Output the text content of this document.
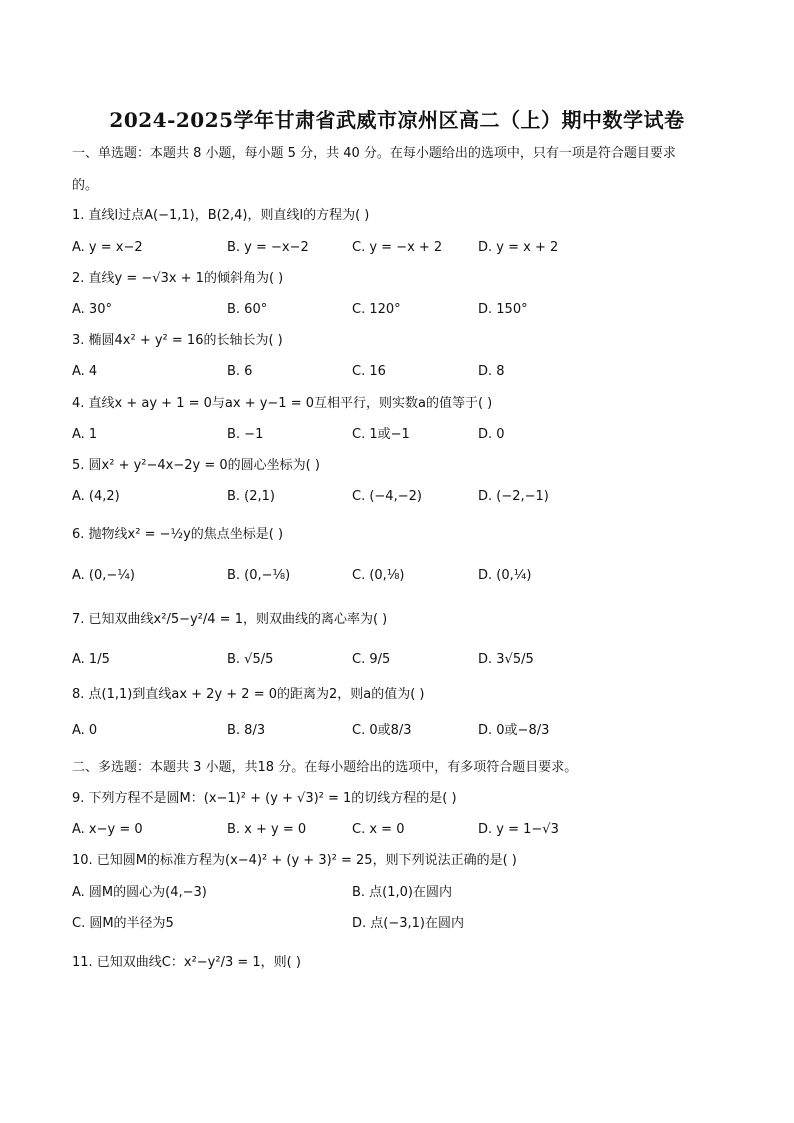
2024-2025学年甘肃省武威市凉州区高二（上）期中数学试卷
一、单选题：本题共 8 小题，每小题 5 分，共 40 分。在每小题给出的选项中，只有一项是符合题目要求
的。
1. 直线l过点A(−1,1)，B(2,4)，则直线l的方程为( )
A. y = x−2	B. y = −x−2	C. y = −x + 2	D. y = x + 2
2. 直线y = −√3x + 1的倾斜角为( )
A. 30°	B. 60°	C. 120°	D. 150°
3. 椭圆4x² + y² = 16的长轴长为( )
A. 4	B. 6	C. 16	D. 8
4. 直线x + ay + 1 = 0与ax + y−1 = 0互相平行，则实数a的值等于( )
A. 1	B. −1	C. 1或−1	D. 0
5. 圆x² + y²−4x−2y = 0的圆心坐标为( )
A. (4,2)	B. (2,1)	C. (−4,−2)	D. (−2,−1)
6. 抛物线x² = −½y的焦点坐标是( )
A. (0,−¼)	B. (0,−⅛)	C. (0,⅛)	D. (0,¼)
7. 已知双曲线x²/5−y²/4 = 1，则双曲线的离心率为( )
A. 1/5	B. √5/5	C. 9/5	D. 3√5/5
8. 点(1,1)到直线ax + 2y + 2 = 0的距离为2，则a的值为( )
A. 0	B. 8/3	C. 0或8/3	D. 0或−8/3
二、多选题：本题共 3 小题，共18 分。在每小题给出的选项中，有多项符合题目要求。
9. 下列方程不是圆M：(x−1)² + (y + √3)² = 1的切线方程的是( )
A. x−y = 0	B. x + y = 0	C. x = 0	D. y = 1−√3
10. 已知圆M的标准方程为(x−4)² + (y + 3)² = 25，则下列说法正确的是( )
A. 圆M的圆心为(4,−3)	B. 点(1,0)在圆内
C. 圆M的半径为5	D. 点(−3,1)在圆内
11. 已知双曲线C：x²−y²/3 = 1，则( )
